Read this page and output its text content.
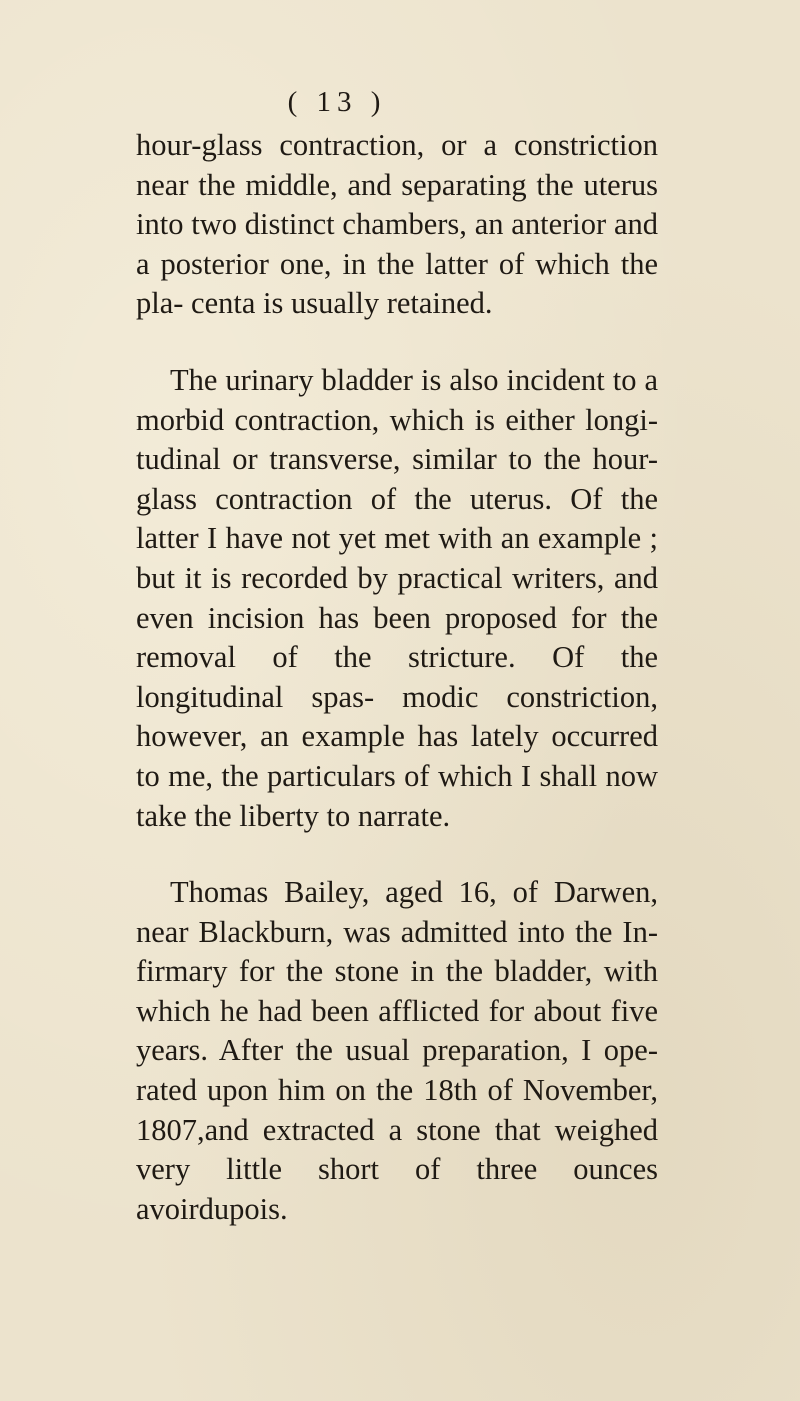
( 13 )

hour-glass contraction, or a constriction near the middle, and separating the uterus into two distinct chambers, an anterior and a posterior one, in the latter of which the pla- centa is usually retained.

The urinary bladder is also incident to a morbid contraction, which is either longi- tudinal or transverse, similar to the hour- glass contraction of the uterus. Of the latter I have not yet met with an example ; but it is recorded by practical writers, and even incision has been proposed for the removal of the stricture. Of the longitudinal spas- modic constriction, however, an example has lately occurred to me, the particulars of which I shall now take the liberty to narrate.

Thomas Bailey, aged 16, of Darwen, near Blackburn, was admitted into the In- firmary for the stone in the bladder, with which he had been afflicted for about five years. After the usual preparation, I ope- rated upon him on the 18th of November, 1807,and extracted a stone that weighed very little short of three ounces avoirdupois.
